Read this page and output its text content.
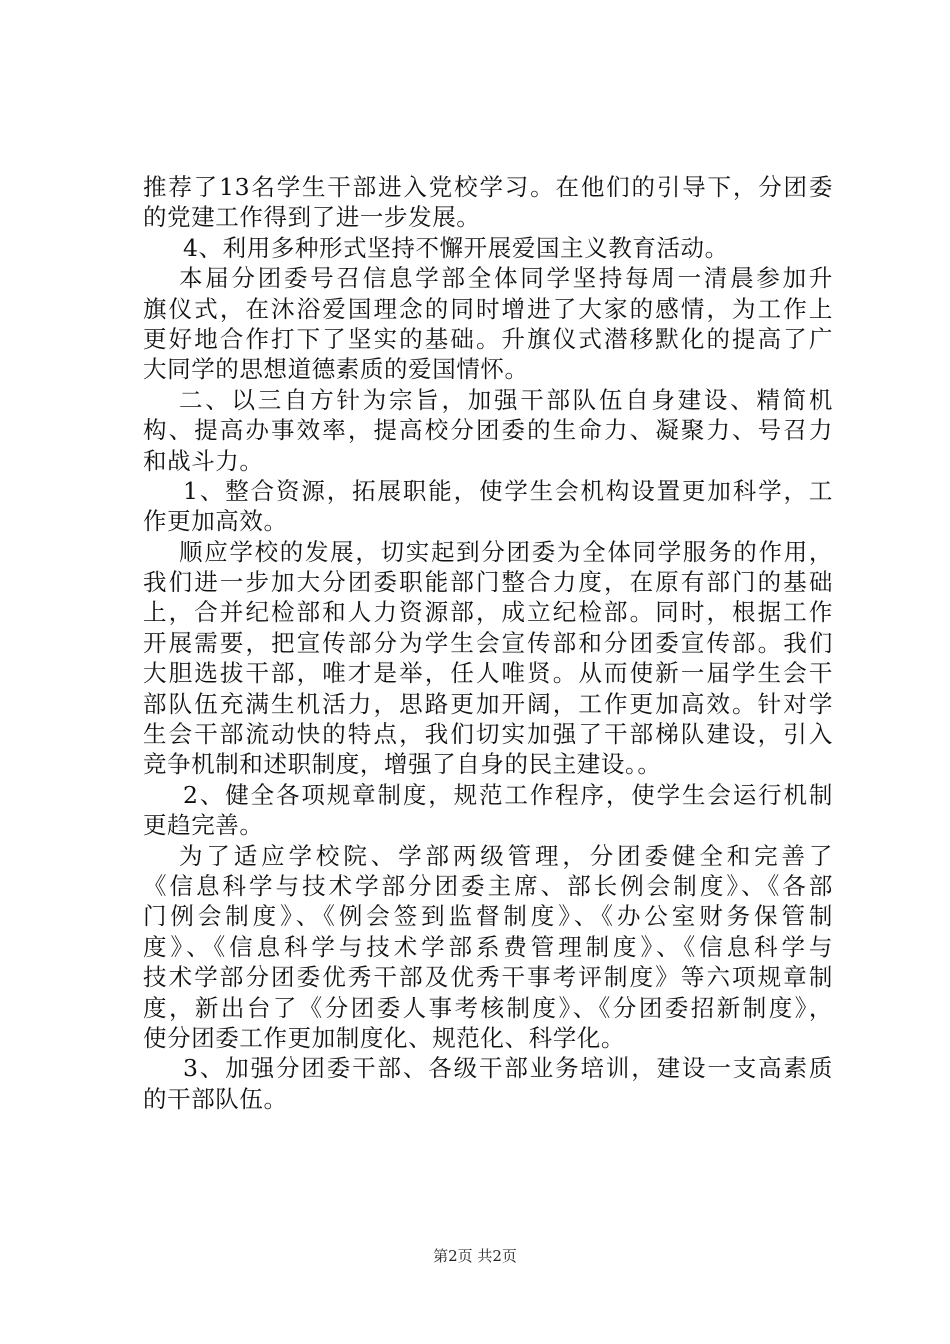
推荐了13名学生干部进入党校学习。在他们的引导下，分团委
的党建工作得到了进一步发展。
4、利用多种形式坚持不懈开展爱国主义教育活动。
本届分团委号召信息学部全体同学坚持每周一清晨参加升
旗仪式，在沐浴爱国理念的同时增进了大家的感情，为工作上
更好地合作打下了坚实的基础。升旗仪式潜移默化的提高了广
大同学的思想道德素质的爱国情怀。
二、以三自方针为宗旨，加强干部队伍自身建设、精简机
构、提高办事效率，提高校分团委的生命力、凝聚力、号召力
和战斗力。
1、整合资源，拓展职能，使学生会机构设置更加科学，工
作更加高效。
顺应学校的发展，切实起到分团委为全体同学服务的作用，
我们进一步加大分团委职能部门整合力度，在原有部门的基础
上，合并纪检部和人力资源部，成立纪检部。同时，根据工作
开展需要，把宣传部分为学生会宣传部和分团委宣传部。我们
大胆选拔干部，唯才是举，任人唯贤。从而使新一届学生会干
部队伍充满生机活力，思路更加开阔，工作更加高效。针对学
生会干部流动快的特点，我们切实加强了干部梯队建设，引入
竞争机制和述职制度，增强了自身的民主建设。。
2、健全各项规章制度，规范工作程序，使学生会运行机制
更趋完善。
为了适应学校院、学部两级管理，分团委健全和完善了
《信息科学与技术学部分团委主席、部长例会制度》、《各部
门例会制度》、《例会签到监督制度》、《办公室财务保管制
度》、《信息科学与技术学部系费管理制度》、《信息科学与
技术学部分团委优秀干部及优秀干事考评制度》等六项规章制
度，新出台了《分团委人事考核制度》、《分团委招新制度》，
使分团委工作更加制度化、规范化、科学化。
3、加强分团委干部、各级干部业务培训，建设一支高素质
的干部队伍。
第2页 共2页
